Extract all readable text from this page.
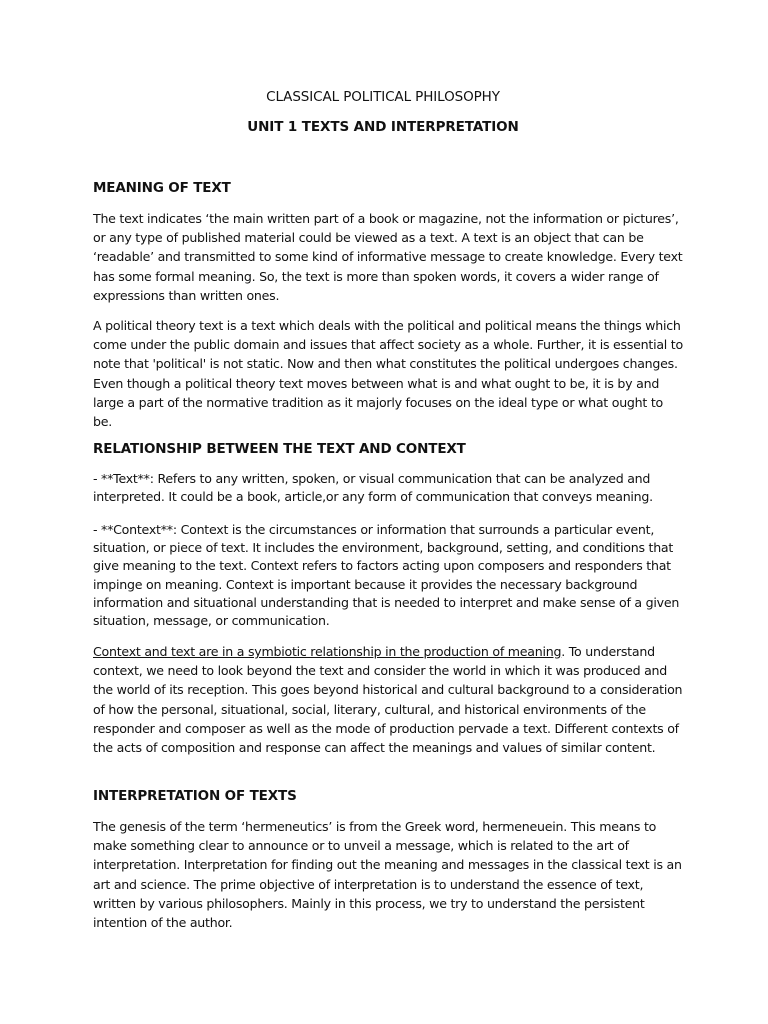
CLASSICAL POLITICAL PHILOSOPHY
UNIT 1 TEXTS AND INTERPRETATION
MEANING OF TEXT

The text indicates ‘the main written part of a book or magazine, not the information or pictures’, or any type of published material could be viewed as a text. A text is an object that can be ‘readable’ and transmitted to some kind of informative message to create knowledge. Every text has some formal meaning. So, the text is more than spoken words, it covers a wider range of expressions than written ones.

A political theory text is a text which deals with the political and political means the things which come under the public domain and issues that affect society as a whole. Further, it is essential to note that 'political' is not static. Now and then what constitutes the political undergoes changes. Even though a political theory text moves between what is and what ought to be, it is by and large a part of the normative tradition as it majorly focuses on the ideal type or what ought to be.

RELATIONSHIP BETWEEN THE TEXT AND CONTEXT

- **Text**: Refers to any written, spoken, or visual communication that can be analyzed and interpreted. It could be a book, article,or any form of communication that conveys meaning.

- **Context**: Context is the circumstances or information that surrounds a particular event, situation, or piece of text. It includes the environment, background, setting, and conditions that give meaning to the text. Context refers to factors acting upon composers and responders that impinge on meaning. Context is important because it provides the necessary background information and situational understanding that is needed to interpret and make sense of a given situation, message, or communication.

Context and text are in a symbiotic relationship in the production of meaning. To understand context, we need to look beyond the text and consider the world in which it was produced and the world of its reception. This goes beyond historical and cultural background to a consideration of how the personal, situational, social, literary, cultural, and historical environments of the responder and composer as well as the mode of production pervade a text. Different contexts of the acts of composition and response can affect the meanings and values of similar content.

INTERPRETATION OF TEXTS

The genesis of the term ‘hermeneutics’ is from the Greek word, hermeneuein. This means to make something clear to announce or to unveil a message, which is related to the art of interpretation. Interpretation for finding out the meaning and messages in the classical text is an art and science. The prime objective of interpretation is to understand the essence of text, written by various philosophers. Mainly in this process, we try to understand the persistent intention of the author.
